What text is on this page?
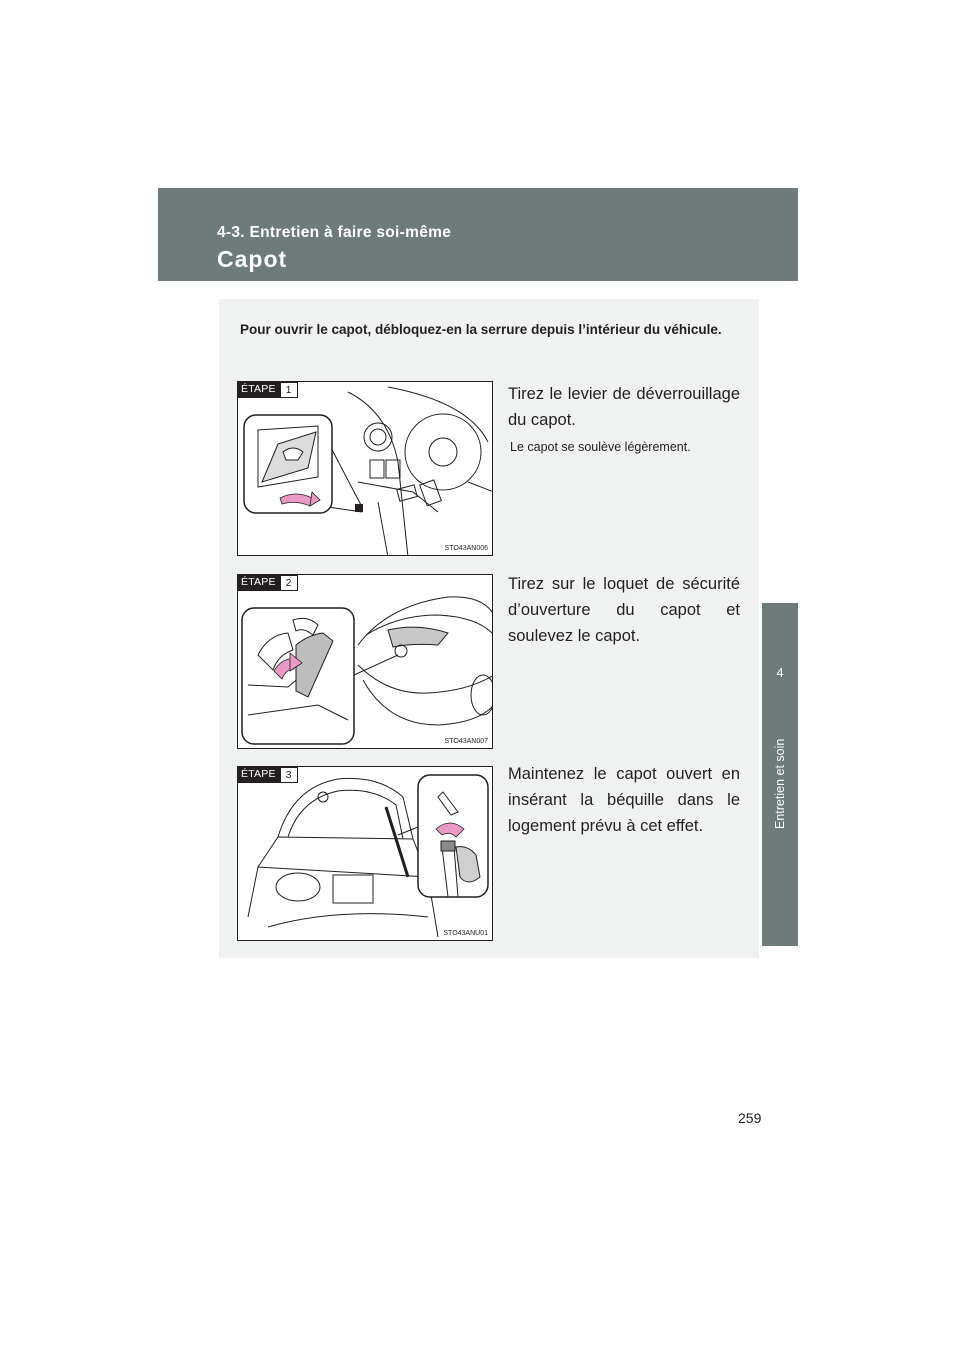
4-3. Entretien à faire soi-même
Capot
4
Entretien et soin
Pour ouvrir le capot, débloquez-en la serrure depuis l’intérieur du véhicule.
ÉTAPE 1
STO43AN006
Tirez le levier de déverrouillage du capot.
Le capot se soulève légèrement.
ÉTAPE 2
STO43AN007
Tirez sur le loquet de sécurité d’ouverture du capot et soulevez le capot.
ÉTAPE 3
STO43ANU01
Maintenez le capot ouvert en insérant la béquille dans le logement prévu à cet effet.
259
